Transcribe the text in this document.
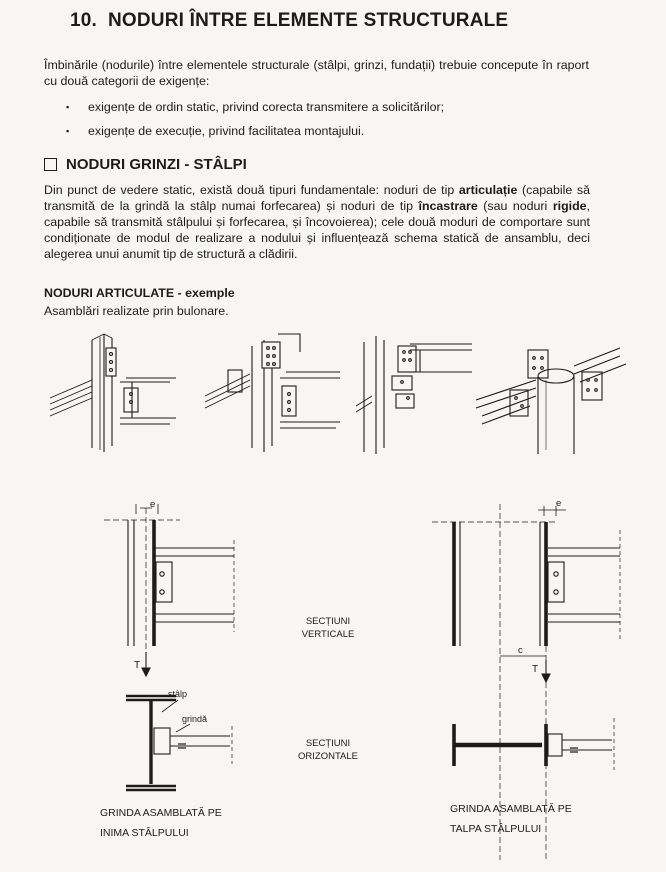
10. NODURI ÎNTRE ELEMENTE STRUCTURALE
Îmbinările (nodurile) între elementele structurale (stâlpi, grinzi, fundații) trebuie concepute în raport cu două categorii de exigențe:
▪ exigențe de ordin static, privind corecta transmitere a solicitărilor;
▪ exigențe de execuție, privind facilitatea montajului.
NODURI GRINZI - STÂLPI
Din punct de vedere static, există două tipuri fundamentale: noduri de tip articulație (capabile să transmită de la grindă la stâlp numai forfecarea) și noduri de tip încastrare (sau noduri rigide, capabile să transmită stâlpului și forfecarea, și încovoierea); cele două moduri de comportare sunt condiționate de modul de realizare a nodului și influențează schema statică de ansamblu, deci alegerea unui anumit tip de structură a clădirii.
NODURI ARTICULATE - exemple
Asamblări realizate prin bulonare.
e
T
stâlp
grindă
e
c
T
SECȚIUNI
VERTICALE
SECȚIUNI
ORIZONTALE
GRINDA ASAMBLATĂ PE
INIMA STÂLPULUI
GRINDA ASAMBLATĂ PE
TALPA STÂLPULUI
